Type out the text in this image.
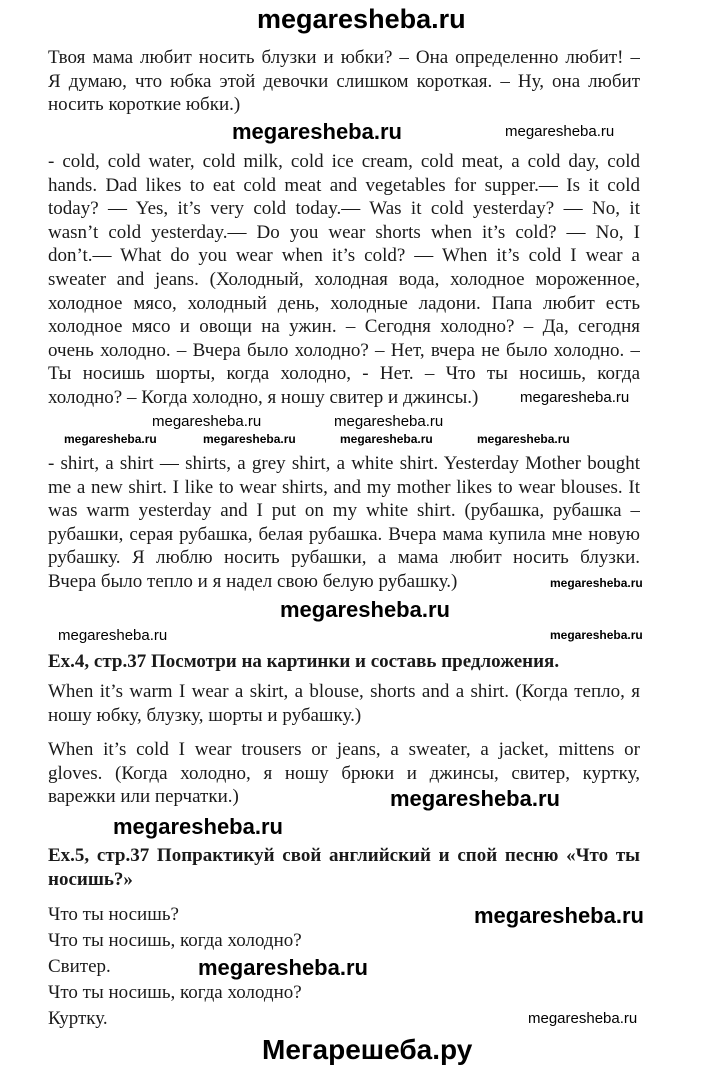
megaresheba.ru
Твоя мама любит носить блузки и юбки? – Она определенно любит! –
Я думаю, что юбка этой девочки слишком короткая. – Ну, она любит
носить короткие юбки.)
- cold, cold water, cold milk, cold ice cream, cold meat, a cold day, cold
hands. Dad likes to eat cold meat and vegetables for supper.— Is it cold
today? — Yes, it’s very cold today.— Was it cold yesterday? — No, it
wasn’t cold yesterday.— Do you wear shorts when it’s cold? — No, I
don’t.— What do you wear when it’s cold? — When it’s cold I wear a
sweater and jeans. (Холодный, холодная вода, холодное мороженное,
холодное мясо, холодный день, холодные ладони. Папа любит есть
холодное мясо и овощи на ужин. – Сегодня холодно? – Да, сегодня
очень холодно. – Вчера было холодно? – Нет, вчера не было холодно. –
Ты носишь шорты, когда холодно, - Нет. – Что ты носишь, когда
холодно? – Когда холодно, я ношу свитер и джинсы.)
- shirt, a shirt — shirts, a grey shirt, a white shirt. Yesterday Mother bought
me a new shirt. I like to wear shirts, and my mother likes to wear blouses. It
was warm yesterday and I put on my white shirt. (рубашка, рубашка –
рубашки, серая рубашка, белая рубашка. Вчера мама купила мне новую
рубашку. Я люблю носить рубашки, а мама любит носить блузки.
Вчера было тепло и я надел свою белую рубашку.)
Ex.4, стр.37 Посмотри на картинки и составь предложения.
When it’s warm I wear a skirt, a blouse, shorts and a shirt. (Когда тепло, я
ношу юбку, блузку, шорты и рубашку.)
When it’s cold I wear trousers or jeans, a sweater, a jacket, mittens or
gloves. (Когда холодно, я ношу брюки и джинсы, свитер, куртку,
варежки или перчатки.)
Ex.5, стр.37 Попрактикуй свой английский и спой песню «Что ты
носишь?»
Что ты носишь?
Что ты носишь, когда холодно?
Свитер.
Что ты носишь, когда холодно?
Куртку.
megaresheba.ru	megaresheba.ru
megaresheba.ru
megaresheba.ru	megaresheba.ru
megaresheba.ru	megaresheba.ru	megaresheba.ru	megaresheba.ru
megaresheba.ru
megaresheba.ru
megaresheba.ru	megaresheba.ru
megaresheba.ru
megaresheba.ru
megaresheba.ru
megaresheba.ru
megaresheba.ru
Мегарешеба.ру
